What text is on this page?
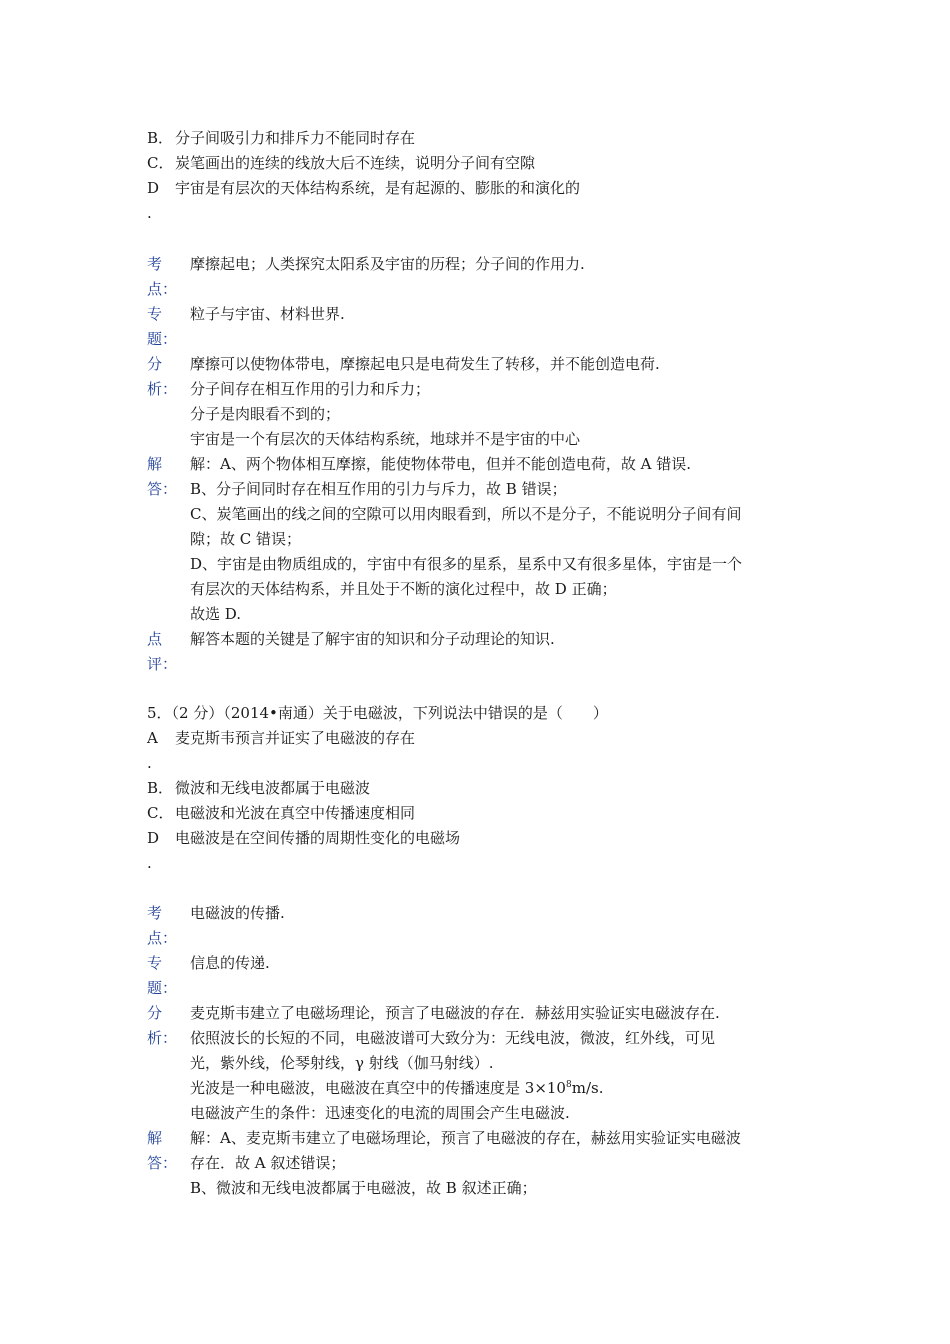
B． 分子间吸引力和排斥力不能同时存在
C． 炭笔画出的连续的线放大后不连续，说明分子间有空隙
D 宇宙是有层次的天体结构系统，是有起源的、膨胀的和演化的
.
考
点：
摩擦起电；人类探究太阳系及宇宙的历程；分子间的作用力.
专
题：
粒子与宇宙、材料世界.
分
析：
摩擦可以使物体带电，摩擦起电只是电荷发生了转移，并不能创造电荷.
分子间存在相互作用的引力和斥力；
分子是肉眼看不到的；
宇宙是一个有层次的天体结构系统，地球并不是宇宙的中心
解
答：
解：A、两个物体相互摩擦，能使物体带电，但并不能创造电荷，故 A 错误.
B、分子间同时存在相互作用的引力与斥力，故 B 错误；
C、炭笔画出的线之间的空隙可以用肉眼看到，所以不是分子，不能说明分子间有间
隙；故 C 错误；
D、宇宙是由物质组成的，宇宙中有很多的星系，星系中又有很多星体，宇宙是一个
有层次的天体结构系，并且处于不断的演化过程中，故 D 正确；
故选 D.
点
评：
解答本题的关键是了解宇宙的知识和分子动理论的知识.
5．（2 分）（2014•南通）关于电磁波，下列说法中错误的是（　　）
A 麦克斯韦预言并证实了电磁波的存在
.
B． 微波和无线电波都属于电磁波
C． 电磁波和光波在真空中传播速度相同
D 电磁波是在空间传播的周期性变化的电磁场
.
考
点：
电磁波的传播.
专
题：
信息的传递.
分
析：
麦克斯韦建立了电磁场理论，预言了电磁波的存在．赫兹用实验证实电磁波存在.
依照波长的长短的不同，电磁波谱可大致分为：无线电波，微波，红外线，可见
光，紫外线，伦琴射线，γ 射线（伽马射线）.
光波是一种电磁波，电磁波在真空中的传播速度是 $3\times 10^8m/s$.
电磁波产生的条件：迅速变化的电流的周围会产生电磁波.
解
答：
解：A、麦克斯韦建立了电磁场理论，预言了电磁波的存在，赫兹用实验证实电磁波
存在．故 A 叙述错误；
B、微波和无线电波都属于电磁波，故 B 叙述正确；
